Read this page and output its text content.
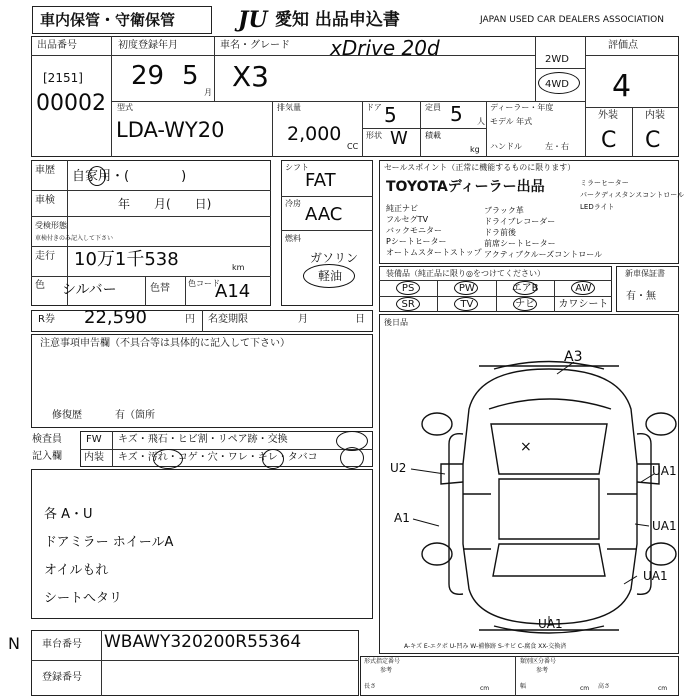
車内保管・守衛保管	JU 愛知 出品申込書	JAPAN USED CAR DEALERS ASSOCIATION
出品番号
[2151]
00002
初度登録年月
29 5
月
車名・グレード
X3
xDrive 20d	2WD
4WD
評価点
4
外装	内装
C C
型式
LDA-WY20
排気量
2,000
CC
ドア 5
形状 W
定員 5 人
積載
kg
ディーラー・年度
モデル 年式
ハンドル	左・右
車歴 自家用・(　　　　)
車検	年　　月(　　日)
受検形態
車検付きのみ記入して下さい
走行 10万1千538	km
色 シルバー	色替 色コード
A14
シフト
FAT
冷房
AAC
燃料
ガソリン
軽油
セールスポイント（正常に機能するものに限ります）
TOYOTAディーラー出品
純正ナビ
フルセグTV
バックモニター
Pシートヒーター
オートムスタートストップ
ブラック革
ドライブレコーダー
ドラ前後
前席シートヒーター
アクティブクルーズコントロール
ミラーヒーター
パークディスタンスコントロール
LEDライト
装備品（純正品に限り◎をつけてください）
PS	PW	エアB	AW
SR	TV	ナビ	カワシート
新車保証書
有・無
R券 22,590	円 名変期限	月	日
注意事項申告欄（不具合等は具体的に記入して下さい）
修復歴	有（箇所
検査員
記入欄
FW キズ・飛石・ヒビ割・リペア跡・交換
内装 キズ・汚れ・コゲ・穴・ワレ・キレ・タバコ
各 A・U
ドアミラー ホイールA
オイルもれ
シートへタリ
後日品
A3
×
U2
A1
UA1
UA1
UA1
UA1
A-キズ E-エクボ U-凹み W-補修跡 S-サビ C-腐食 XX-交換済
N 車台番号 WBAWY320200R55364
登録番号
形式指定番号
参考
類別区分番号
参考
長さ	cm	幅	cm 高さ	cm
